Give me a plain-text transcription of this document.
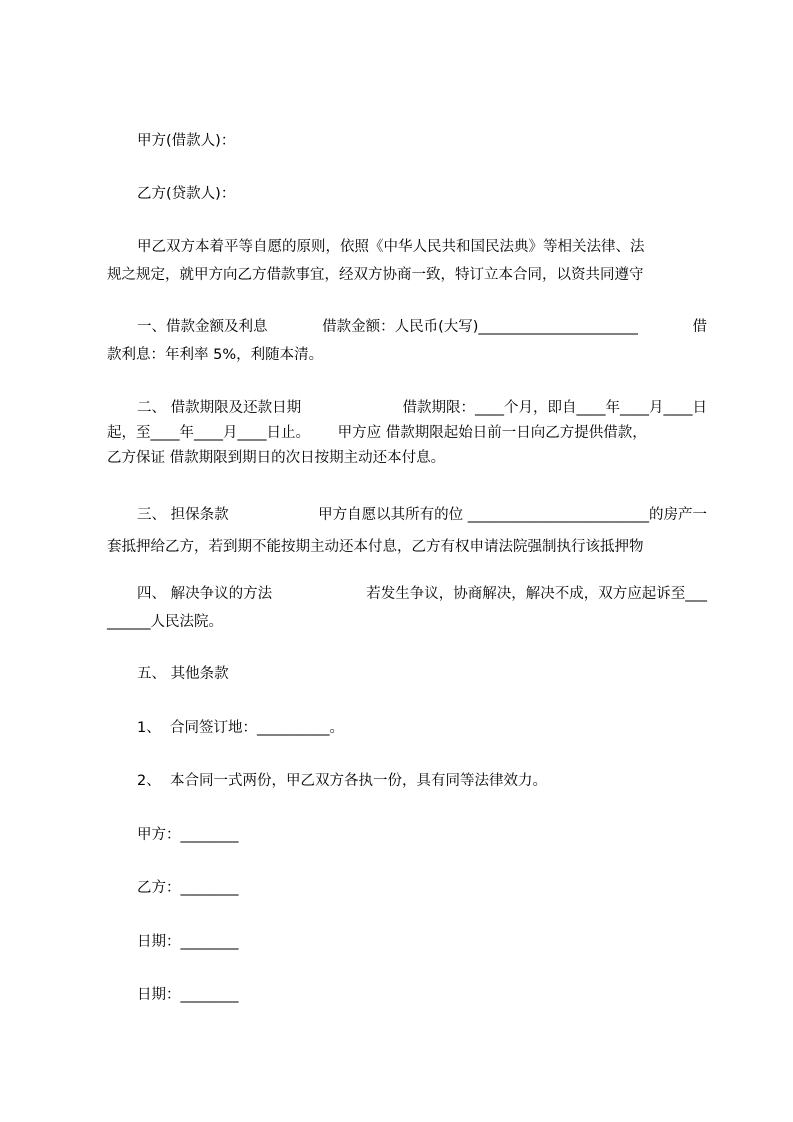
甲方(借款人)：
乙方(贷款人)：
甲乙双方本着平等自愿的原则，依照《中华人民共和国民法典》等相关法律、法
规之规定，就甲方向乙方借款事宜，经双方协商一致，特订立本合同，以资共同遵守
一、借款金额及利息	借款金额：人民币(大写)______________________	借
款利息：年利率 5%，利随本清。
二、 借款期限及还款日期	借款期限：____个月，即自____年____月____日
起，至____年____月____日止。      甲方应 借款期限起始日前一日向乙方提供借款，
乙方保证 借款期限到期日的次日按期主动还本付息。
三、 担保条款	甲方自愿以其所有的位 _________________________的房产一
套抵押给乙方，若到期不能按期主动还本付息，乙方有权申请法院强制执行该抵押物
四、 解决争议的方法	若发生争议，协商解决，解决不成，双方应起诉至___
______人民法院。
五、 其他条款
1、  合同签订地：__________。
2、  本合同一式两份，甲乙双方各执一份，具有同等法律效力。
甲方：________
乙方：________
日期：________
日期：________
